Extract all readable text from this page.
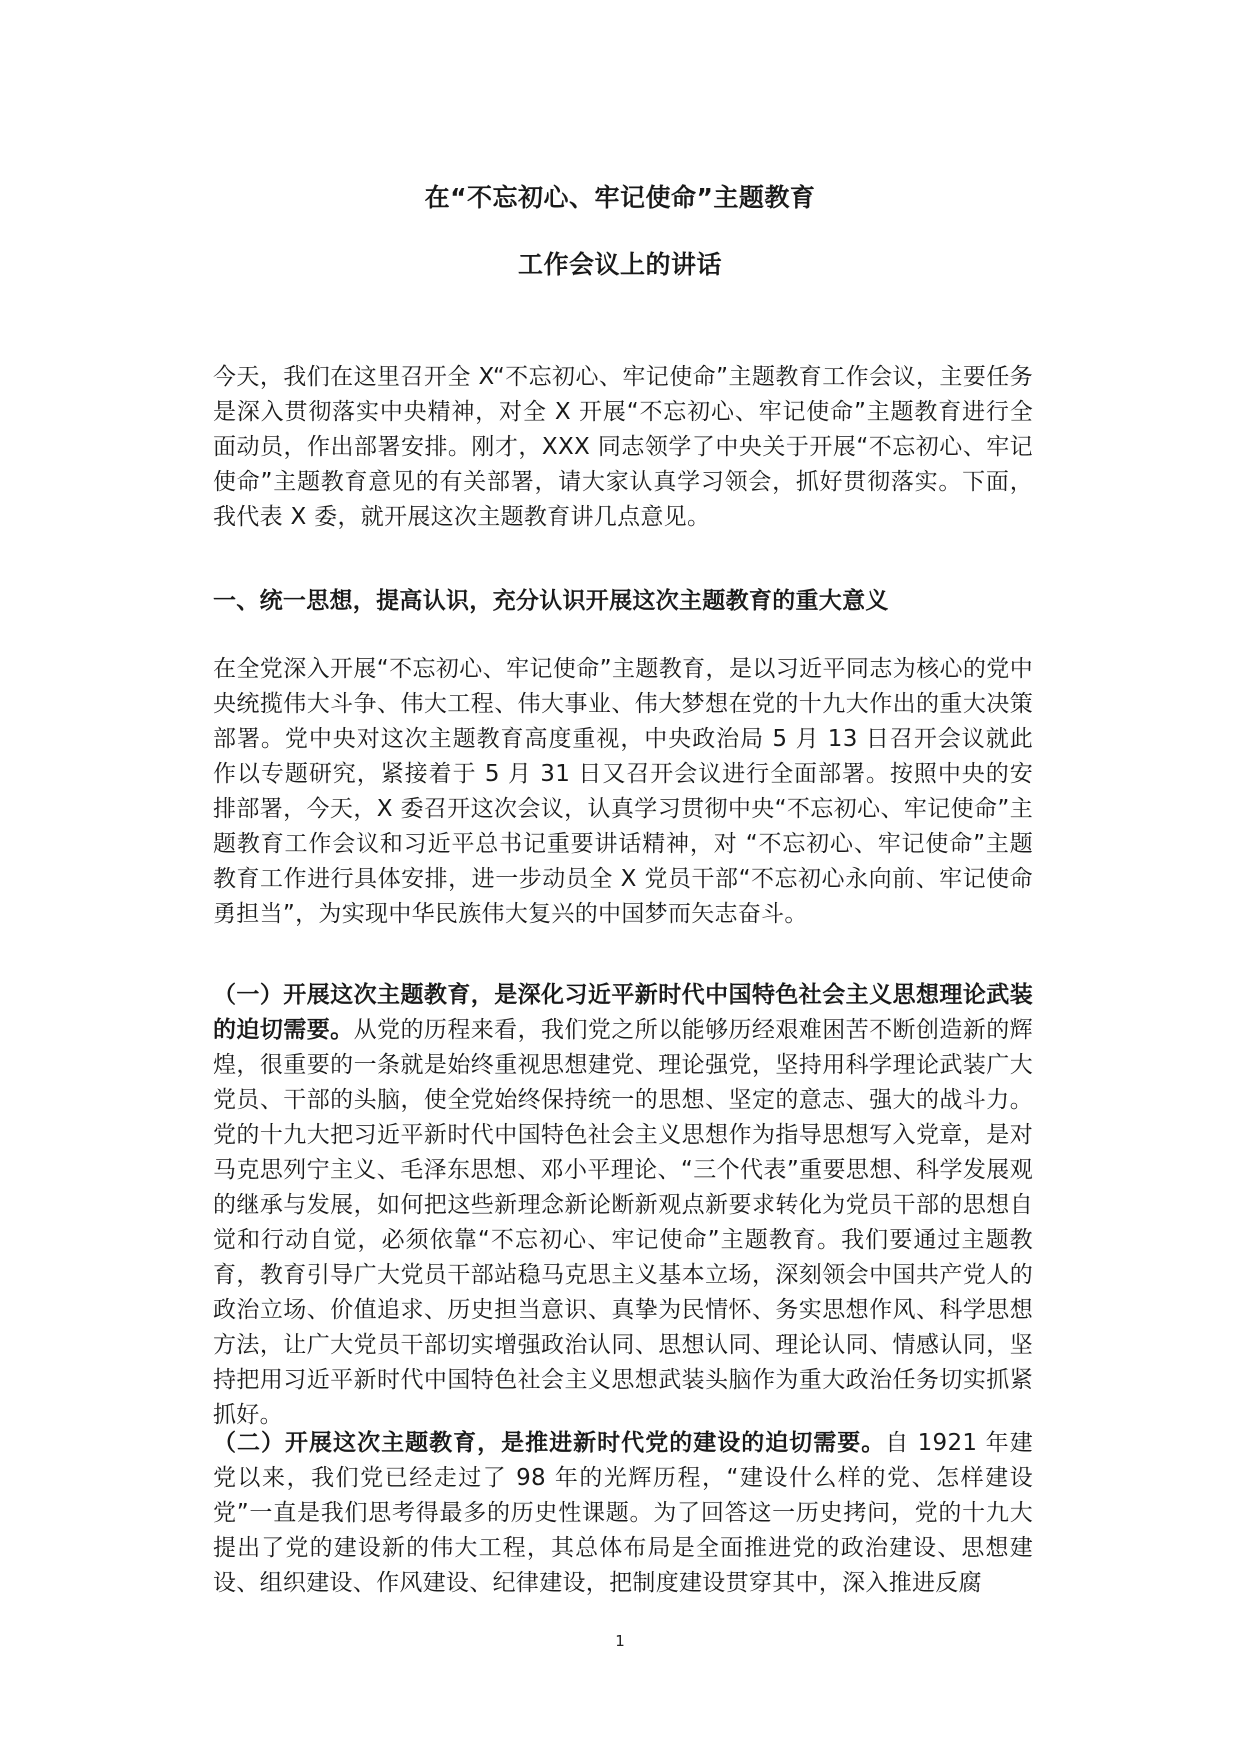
在“不忘初心、牢记使命”主题教育
工作会议上的讲话

今天，我们在这里召开全 X“不忘初心、牢记使命”主题教育工作会议，主要任务是深入贯彻落实中央精神，对全 X 开展“不忘初心、牢记使命”主题教育进行全面动员，作出部署安排。刚才，XXX 同志领学了中央关于开展“不忘初心、牢记使命”主题教育意见的有关部署，请大家认真学习领会，抓好贯彻落实。下面，我代表 X 委，就开展这次主题教育讲几点意见。

一、统一思想，提高认识，充分认识开展这次主题教育的重大意义

在全党深入开展“不忘初心、牢记使命”主题教育，是以习近平同志为核心的党中央统揽伟大斗争、伟大工程、伟大事业、伟大梦想在党的十九大作出的重大决策部署。党中央对这次主题教育高度重视，中央政治局 5 月 13 日召开会议就此作以专题研究，紧接着于 5 月 31 日又召开会议进行全面部署。按照中央的安排部署，今天，X 委召开这次会议，认真学习贯彻中央“不忘初心、牢记使命”主题教育工作会议和习近平总书记重要讲话精神，对 “不忘初心、牢记使命”主题教育工作进行具体安排，进一步动员全 X 党员干部“不忘初心永向前、牢记使命勇担当”，为实现中华民族伟大复兴的中国梦而矢志奋斗。

（一）开展这次主题教育，是深化习近平新时代中国特色社会主义思想理论武装的迫切需要。从党的历程来看，我们党之所以能够历经艰难困苦不断创造新的辉煌，很重要的一条就是始终重视思想建党、理论强党，坚持用科学理论武装广大党员、干部的头脑，使全党始终保持统一的思想、坚定的意志、强大的战斗力。党的十九大把习近平新时代中国特色社会主义思想作为指导思想写入党章，是对马克思列宁主义、毛泽东思想、邓小平理论、“三个代表”重要思想、科学发展观的继承与发展，如何把这些新理念新论断新观点新要求转化为党员干部的思想自觉和行动自觉，必须依靠“不忘初心、牢记使命”主题教育。我们要通过主题教育，教育引导广大党员干部站稳马克思主义基本立场，深刻领会中国共产党人的政治立场、价值追求、历史担当意识、真挚为民情怀、务实思想作风、科学思想方法，让广大党员干部切实增强政治认同、思想认同、理论认同、情感认同，坚持把用习近平新时代中国特色社会主义思想武装头脑作为重大政治任务切实抓紧抓好。

（二）开展这次主题教育，是推进新时代党的建设的迫切需要。自 1921 年建党以来，我们党已经走过了 98 年的光辉历程，“建设什么样的党、怎样建设党”一直是我们思考得最多的历史性课题。为了回答这一历史拷问，党的十九大提出了党的建设新的伟大工程，其总体布局是全面推进党的政治建设、思想建设、组织建设、作风建设、纪律建设，把制度建设贯穿其中，深入推进反腐

1
